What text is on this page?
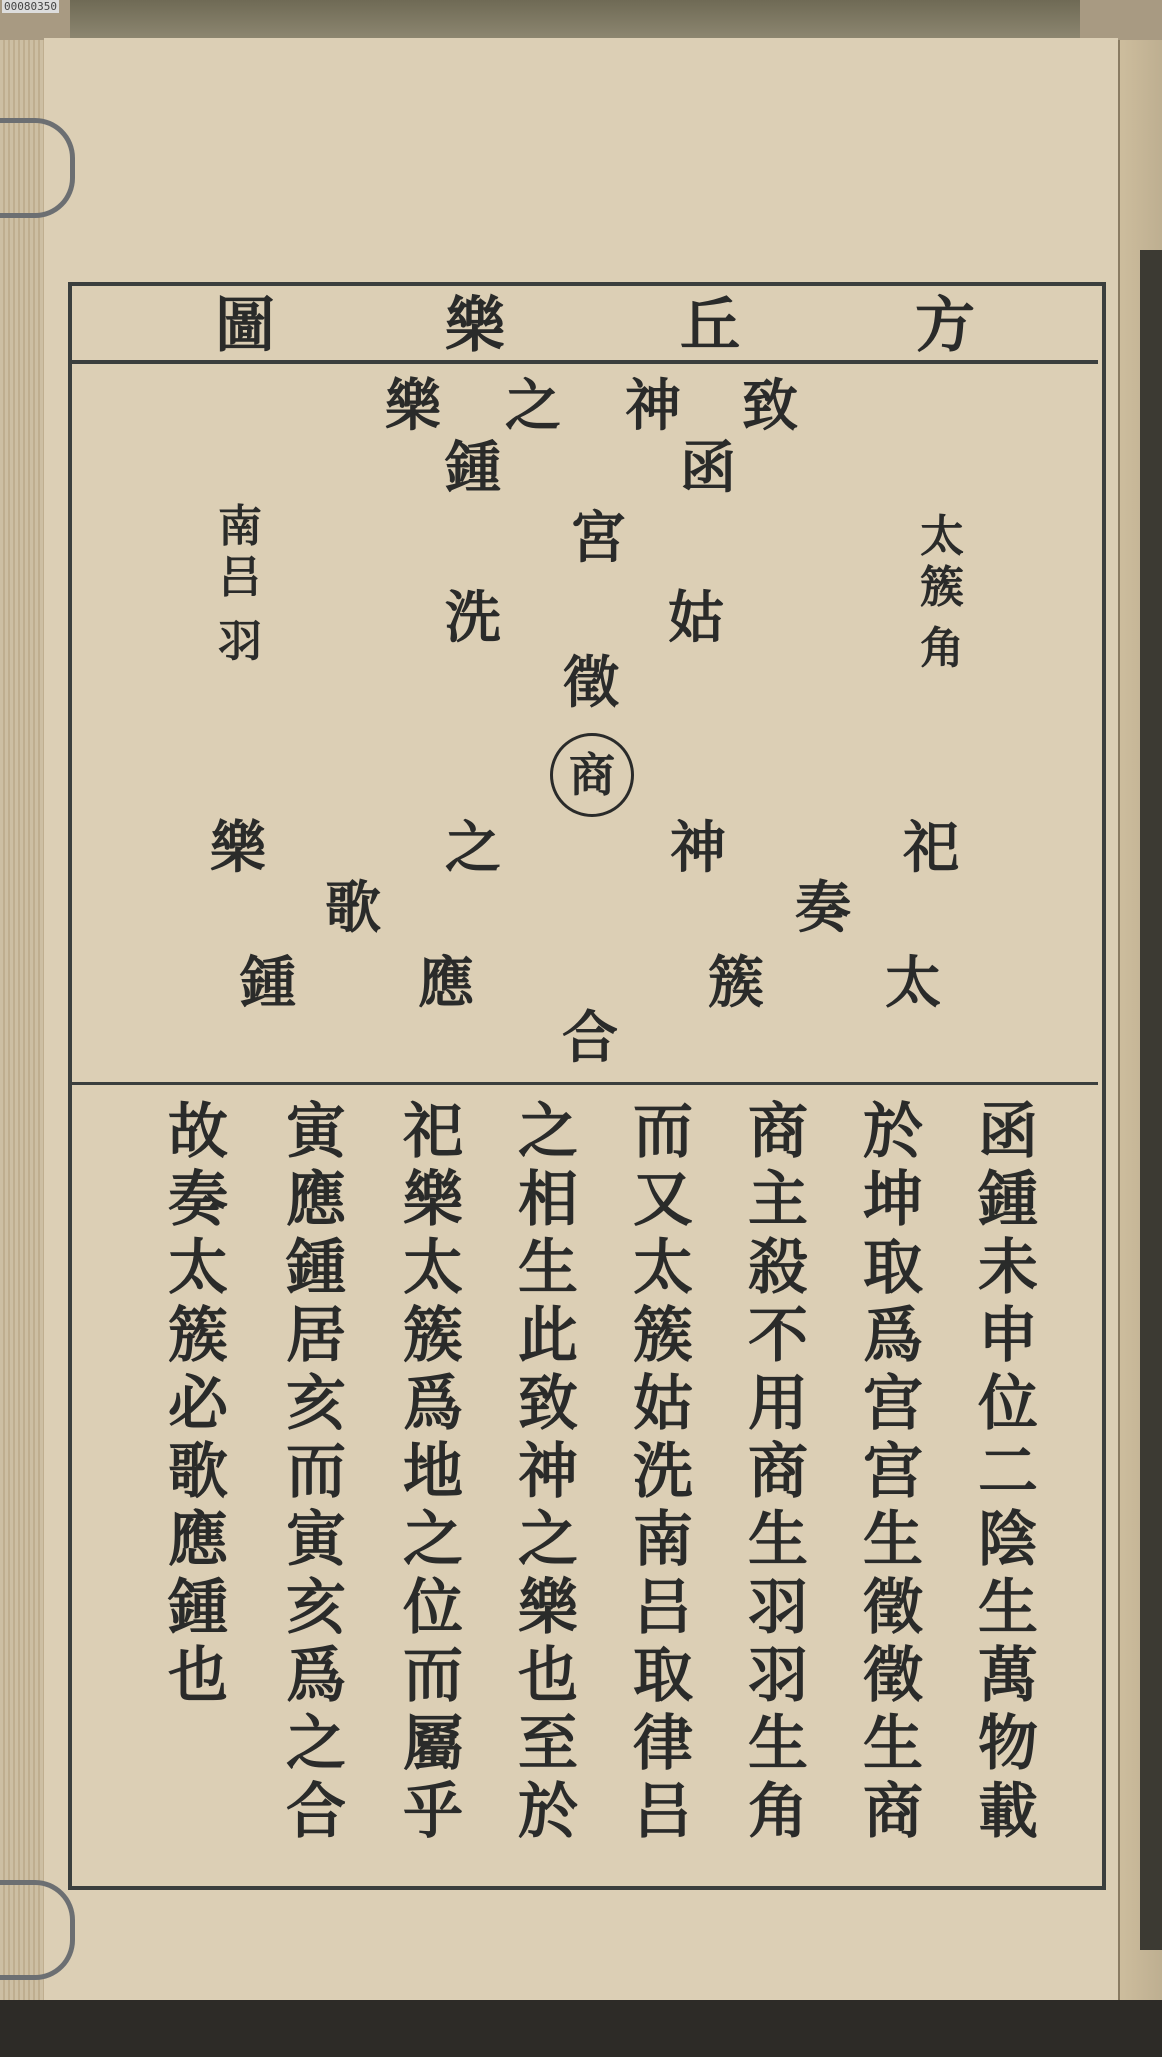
00080350
方
丘
樂
圖
致
神
之
樂
函
鍾
宮
姑
洗
徵
商
南
吕
羽
太
簇
角
祀
神
之
樂
奏
歌
太
簇
應
鍾
合
函
鍾
未
申
位
二
陰
生
萬
物
載
於
坤
取
爲
宫
宫
生
徵
徵
生
商
商
主
殺
不
用
商
生
羽
羽
生
角
而
又
太
簇
姑
洗
南
吕
取
律
吕
之
相
生
此
致
神
之
樂
也
至
於
祀
樂
太
簇
爲
地
之
位
而
屬
乎
寅
應
鍾
居
亥
而
寅
亥
爲
之
合
故
奏
太
簇
必
歌
應
鍾
也
